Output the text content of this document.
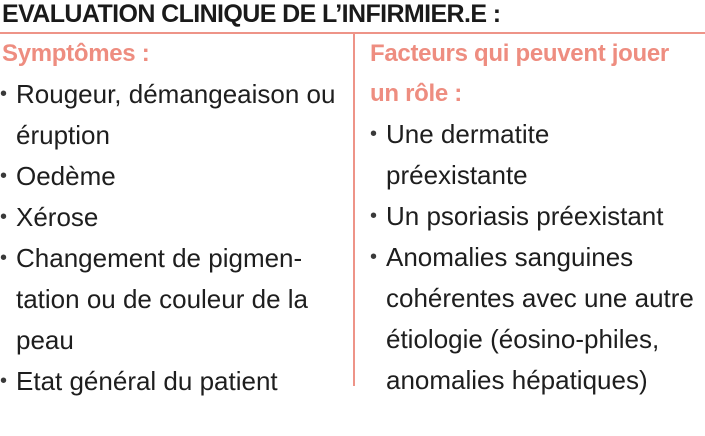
EVALUATION CLINIQUE DE L’INFIRMIER.E :
Symptômes :
• Rougeur, démangeaison ou éruption
• Oedème
• Xérose
• Changement de pigmen-tation ou de couleur de la peau
• Etat général du patient
Facteurs qui peuvent jouer un rôle :
• Une dermatite préexistante
• Un psoriasis préexistant
• Anomalies sanguines cohérentes avec une autre étiologie (éosino-philes, anomalies hépatiques)
